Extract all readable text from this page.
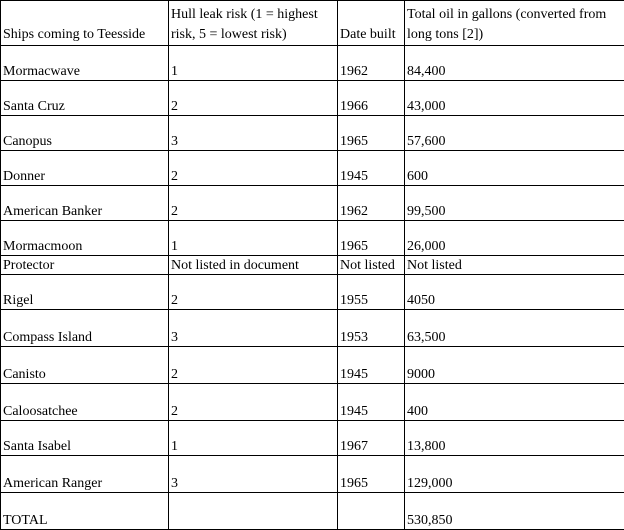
Ships coming to Teesside	Hull leak risk (1 = highest risk, 5 = lowest risk)	Date built	Total oil in gallons (converted from long tons [2])
Mormacwave	1	1962	84,400
Santa Cruz	2	1966	43,000
Canopus	3	1965	57,600
Donner	2	1945	600
American Banker	2	1962	99,500
Mormacmoon	1	1965	26,000
Protector	Not listed in document	Not listed	Not listed
Rigel	2	1955	4050
Compass Island	3	1953	63,500
Canisto	2	1945	9000
Caloosatchee	2	1945	400
Santa Isabel	1	1967	13,800
American Ranger	3	1965	129,000
TOTAL			530,850
